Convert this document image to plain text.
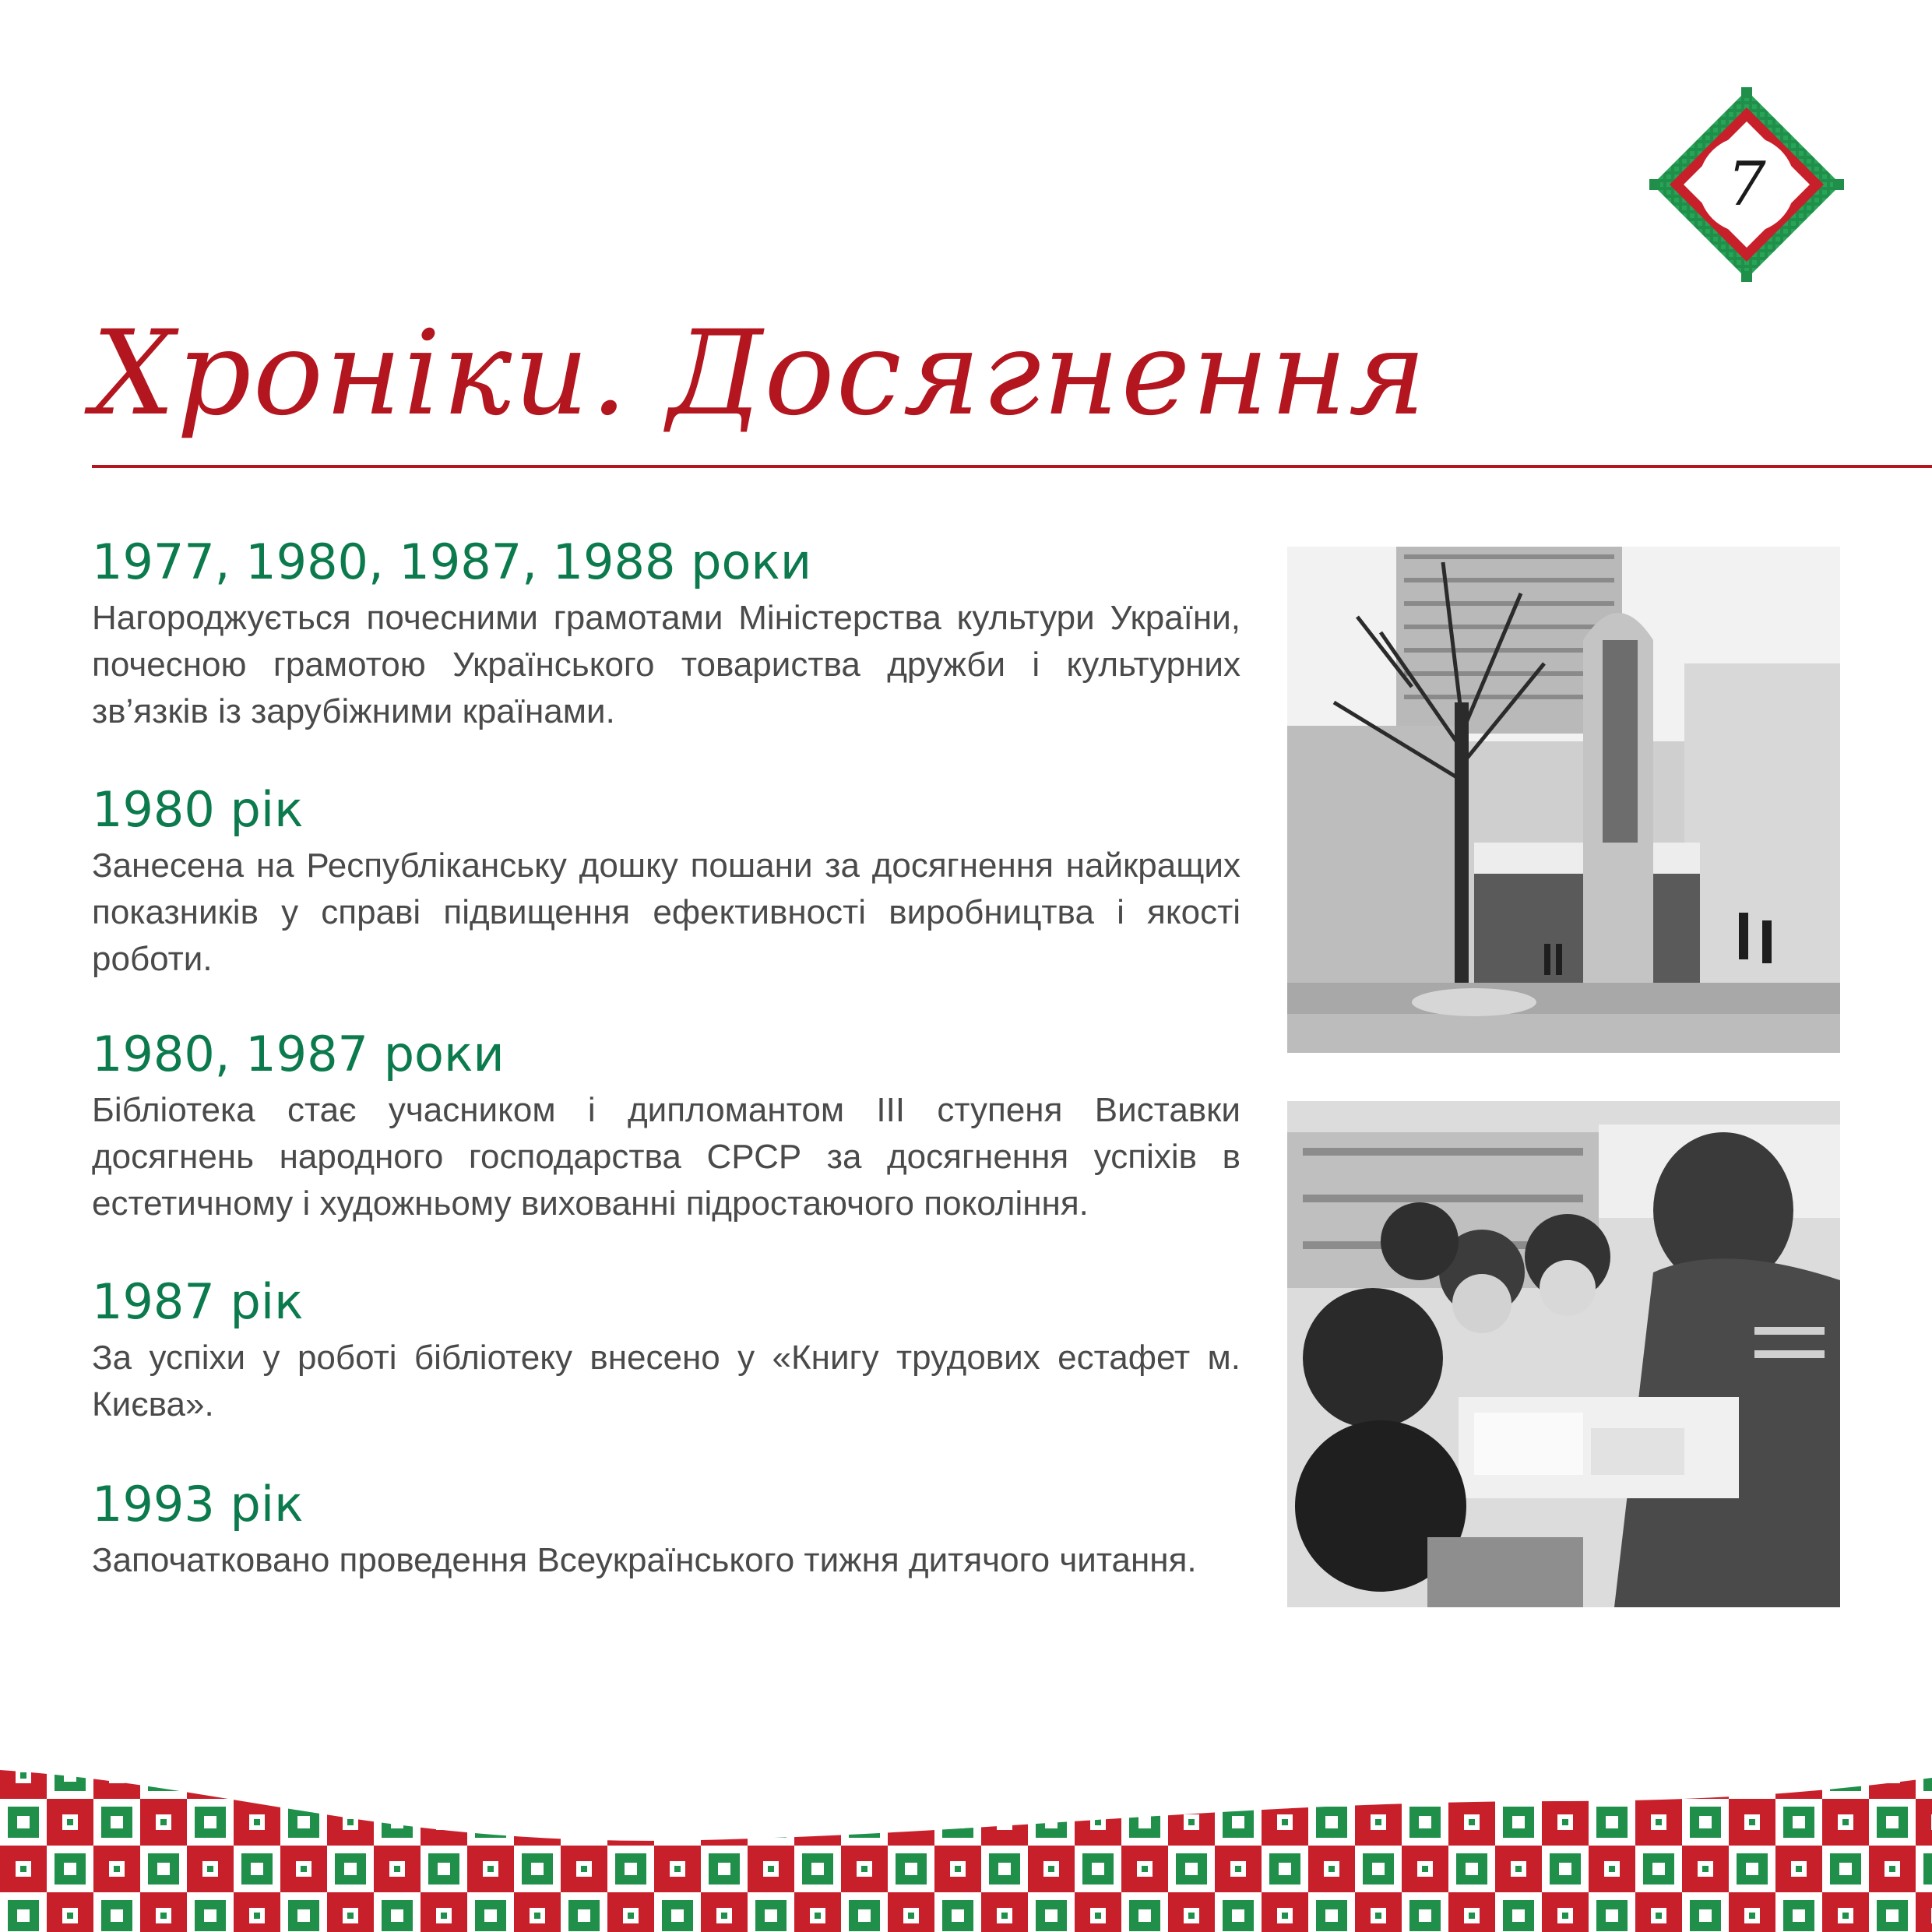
7
Хроніки. Досягнення
1977, 1980, 1987, 1988 роки

Нагороджується почесними грамотами Міністерства культури України, почесною грамотою Українського товариства дружби і культурних зв’язків із зарубіжними країнами.

1980 рік

Занесена на Республіканську дошку пошани за досягнення найкращих показників у справі підвищення ефективності виробництва і якості роботи.

1980, 1987 роки

Бібліотека стає учасником і дипломантом III ступеня Виставки досягнень народного господарства СРСР за досягнення успіхів в естетичному і художньому вихованні підростаючого покоління.

1987 рік

За успіхи у роботі бібліотеку внесено у «Книгу трудових естафет м. Києва».

1993 рік

Започатковано проведення Всеукраїнського тижня дитячого читання.
